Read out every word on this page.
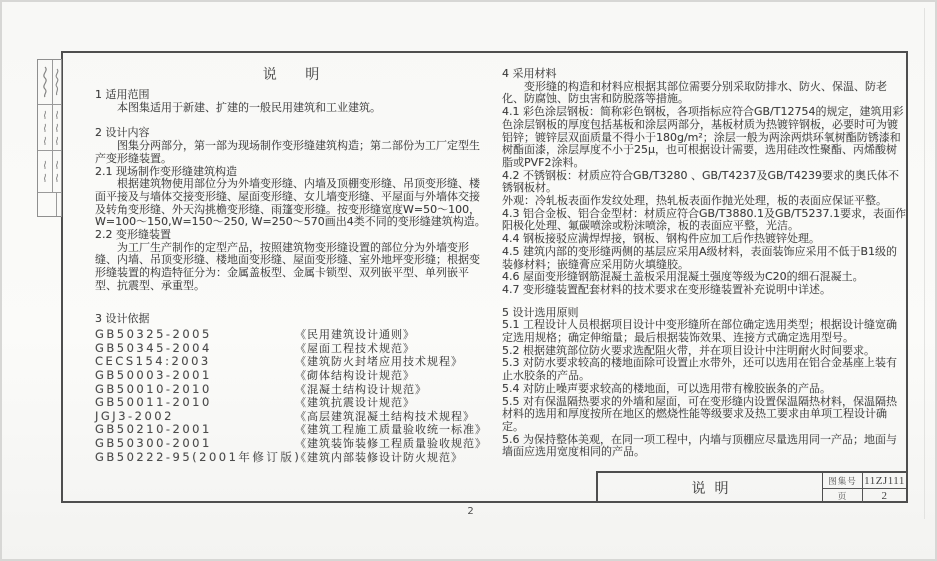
说 明

1 适用范围

本图集适用于新建、扩建的一般民用建筑和工业建筑。

2 设计内容

图集分两部分，第一部为现场制作变形缝建筑构造；第二部份为工厂定型生产变形缝装置。

2.1 现场制作变形缝建筑构造

根据建筑物使用部位分为外墙变形缝、内墙及顶棚变形缝、吊顶变形缝、楼面平接及与墙体交接变形缝、屋面变形缝、女儿墙变形缝、平屋面与外墙体交接及转角变形缝、外天沟挑檐变形缝、雨篷变形缝。按变形缝宽度W=50～100，W=100～150,W=150～250, W=250～570画出4类不同的变形缝建筑构造。

2.2 变形缝装置

为工厂生产制作的定型产品，按照建筑物变形缝设置的部位分为外墙变形缝、内墙、吊顶变形缝、楼地面变形缝、屋面变形缝、室外地坪变形缝；根据变形缝装置的构造特征分为：金属盖板型、金属卡锁型、双列嵌平型、单列嵌平型、抗震型、承重型。

3 设计依据

GB50325-2005	《民用建筑设计通则》
GB50345-2004	《屋面工程技术规范》
CECS154:2003	《建筑防火封堵应用技术规程》
GB50003-2001	《砌体结构设计规范》
GB50010-2010	《混凝土结构设计规范》
GB50011-2010	《建筑抗震设计规范》
JGJ3-2002	《高层建筑混凝土结构技术规程》
GB50210-2001	《建筑工程施工质量验收统一标准》
GB50300-2001	《建筑装饰装修工程质量验收规范》
GB50222-95(2001年修订版)《建筑内部装修设计防火规范》

4 采用材料

变形缝的构造和材料应根据其部位需要分别采取防排水、防火、保温、防老化、防腐蚀、防虫害和防脱落等措施。

4.1 彩色涂层钢板：简称彩色钢板，各项指标应符合GB/T12754的规定，建筑用彩色涂层钢板的厚度包括基板和涂层两部分，基板材质为热镀锌钢板，必要时可为镀铝锌；镀锌层双面质量不得小于180g/m²；涂层一般为两涂两烘环氧树酯防锈漆和树酯面漆，涂层厚度不小于25μ，也可根据设计需要，选用硅改性聚酯、丙烯酸树脂或PVF2涂料。

4.2 不锈钢板：材质应符合GB/T3280 、GB/T4237及GB/T4239要求的奥氏体不锈钢板材。

外观：冷轧板表面作发纹处理，热轧板表面作抛光处理，板的表面应保证平整。

4.3 铝合金板、铝合金型材：材质应符合GB/T3880.1及GB/T5237.1要求，表面作阳极化处理、氟碳喷涂或粉沫喷涂，板的表面应平整，光洁。

4.4 钢板接驳应满焊焊接，钢板、钢构件应加工后作热镀锌处理。

4.5 建筑内部的变形缝两侧的基层应采用A级材料，表面装饰应采用不低于B1级的装修材料；嵌缝膏应采用防火填缝胶。

4.6 屋面变形缝钢筋混凝土盖板采用混凝土强度等级为C20的细石混凝土。

4.7 变形缝装置配套材料的技术要求在变形缝装置补充说明中详述。

5 设计选用原则

5.1 工程设计人员根据项目设计中变形缝所在部位确定选用类型；根据设计缝宽确定选用规格；确定伸缩量；最后根据装饰效果、连接方式确定选用型号。

5.2 根据建筑部位防火要求选配阻火带，并在项目设计中注明耐火时间要求。

5.3 对防水要求较高的楼地面除可设置止水带外，还可以选用在铝合金基座上装有止水胶条的产品。

5.4 对防止噪声要求较高的楼地面，可以选用带有橡胶嵌条的产品。

5.5 对有保温隔热要求的外墙和屋面，可在变形缝内设置保温隔热材料，保温隔热材料的选用和厚度按所在地区的燃烧性能等级要求及热工要求由单项工程设计确定。

5.6 为保持整体美观，在同一项工程中，内墙与顶棚应尽量选用同一产品；地面与墙面应选用宽度相同的产品。

说明	图集号 11ZJ111
页	2
2
